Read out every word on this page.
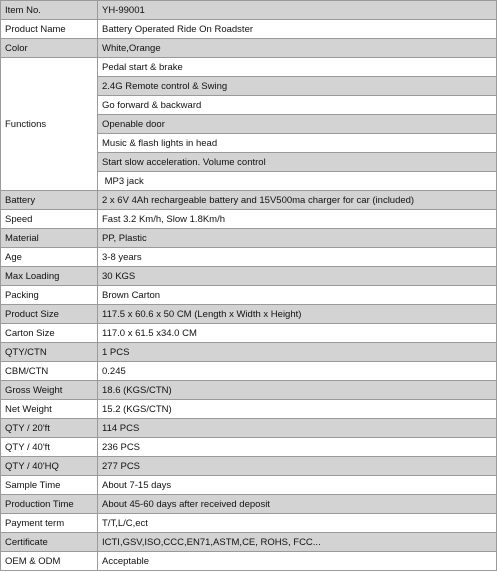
Item No.	YH-99001
Product Name	Battery Operated Ride On Roadster
Color	White,Orange
Functions	Pedal start & brake
	2.4G Remote control & Swing
	Go forward & backward
	Openable door
	Music & flash lights in head
	Start slow acceleration. Volume control
	MP3 jack
Battery	2 x 6V 4Ah rechargeable battery and 15V500ma charger for car (included)
Speed	Fast 3.2 Km/h, Slow 1.8Km/h
Material	PP, Plastic
Age	3-8 years
Max Loading	30 KGS
Packing	Brown Carton
Product Size	117.5 x 60.6 x 50 CM (Length x Width x Height)
Carton Size	117.0 x 61.5 x34.0 CM
QTY/CTN	1 PCS
CBM/CTN	0.245
Gross Weight	18.6 (KGS/CTN)
Net Weight	15.2 (KGS/CTN)
QTY / 20'ft	114 PCS
QTY / 40'ft	236 PCS
QTY / 40'HQ	277 PCS
Sample Time	About 7-15 days
Production Time	About 45-60 days after received deposit
Payment term	T/T,L/C,ect
Certificate	ICTI,GSV,ISO,CCC,EN71,ASTM,CE, ROHS, FCC...
OEM & ODM	Acceptable
